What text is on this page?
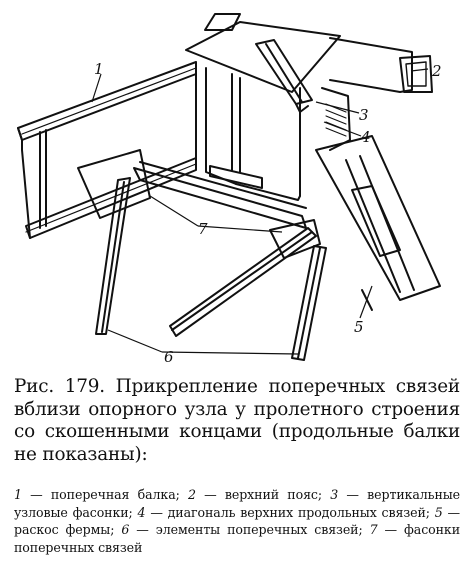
1	2
3
4
5
7
6
Рис. 179. Прикрепление поперечных связей вблизи опорного узла у пролетного строения со скошенными концами (продольные балки не показаны):
1 — поперечная балка; 2 — верхний пояс; 3 — вертикальные узловые фасонки; 4 — диагональ верхних продольных связей; 5 — раскос фермы; 6 — элементы поперечных связей; 7 — фасонки поперечных связей
